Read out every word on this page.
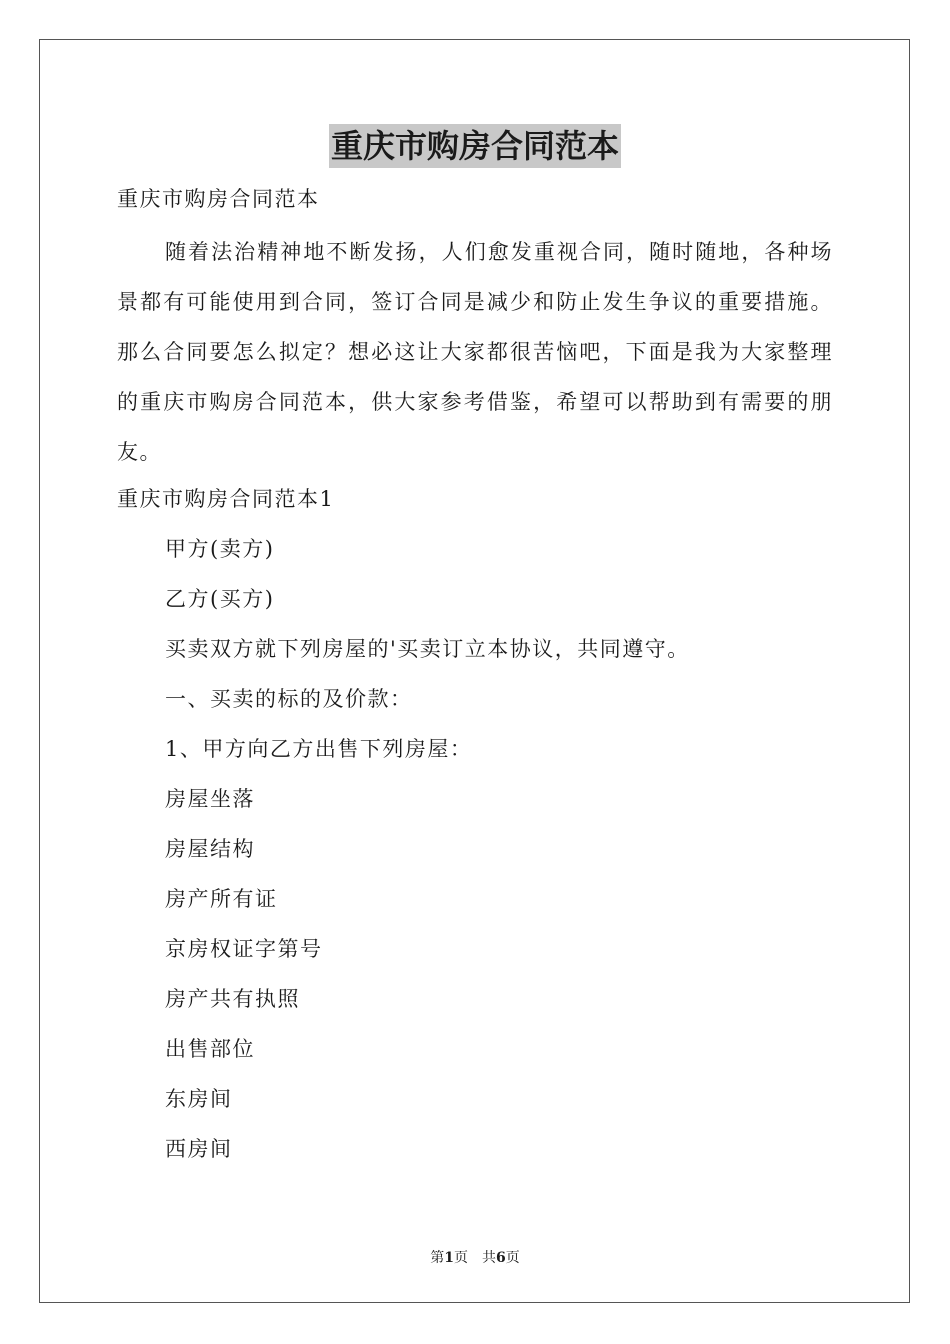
重庆市购房合同范本
重庆市购房合同范本

随着法治精神地不断发扬，人们愈发重视合同，随时随地，各种场景都有可能使用到合同，签订合同是减少和防止发生争议的重要措施。那么合同要怎么拟定？想必这让大家都很苦恼吧，下面是我为大家整理的重庆市购房合同范本，供大家参考借鉴，希望可以帮助到有需要的朋友。

重庆市购房合同范本1
甲方(卖方)
乙方(买方)
买卖双方就下列房屋的'买卖订立本协议，共同遵守。
一、买卖的标的及价款：
1、甲方向乙方出售下列房屋：
房屋坐落
房屋结构
房产所有证
京房权证字第号
房产共有执照
出售部位
东房间
西房间
第1页　共6页
